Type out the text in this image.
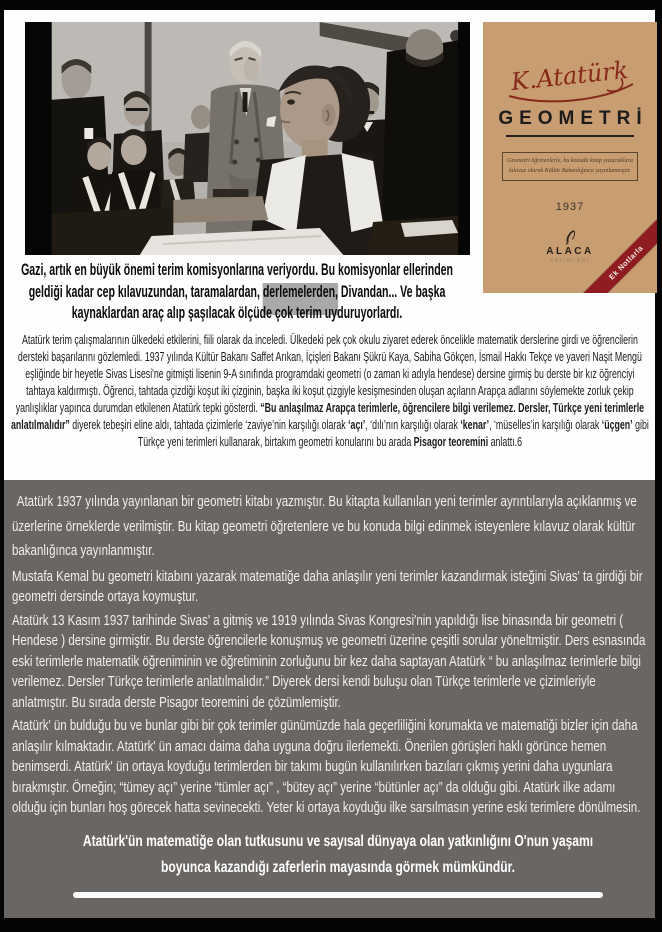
K.Atatürk
GEOMETRİ
Geometri öğretenlerle, bu konuda kitap yazacaklara
kılavuz olarak Kültür Bakanlığınca yayınlanmıştır.
1937
ALACA
YAYINLARI	Ek Notlarla
Gazi, artık en büyük önemi terim komisyonlarına veriyordu. Bu komisyonlar ellerinden geldiği kadar cep kılavuzundan, taramalardan, derlemelerden, Divandan... Ve başka kaynaklardan araç alıp şaşılacak ölçüde çok terim uyduruyorlardı.
Atatürk terim çalışmalarının ülkedeki etkilerini, fiili olarak da inceledi. Ülkedeki pek çok okulu ziyaret ederek öncelikle matematik derslerine girdi ve öğrencilerin dersteki başarılarını gözlemledi. 1937 yılında Kültür Bakanı Saffet Arıkan, İçişleri Bakanı Şükrü Kaya, Sabiha Gökçen, İsmail Hakkı Tekçe ve yaveri Naşit Mengü eşliğinde bir heyetle Sivas Lisesi'ne gitmişti lisenin 9-A sınıfında programdaki geometri (o zaman ki adıyla hendese) dersine girmiş bu derste bir kız öğrenciyi tahtaya kaldırmıştı. Öğrenci, tahtada çizdiği koşut iki çizginin, başka iki koşut çizgiyle kesişmesinden oluşan açıların Arapça adlarını söylemekte zorluk çekip yanlışlıklar yapınca durumdan etkilenen Atatürk tepki gösterdi. “Bu anlaşılmaz Arapça terimlerle, öğrencilere bilgi verilemez. Dersler, Türkçe yeni terimlerle anlatılmalıdır” diyerek tebeşiri eline aldı, tahtada çizimlerle ‘zaviye’nin karşılığı olarak ‘açı’, ‘dılı’nın karşılığı olarak ‘kenar’, ‘müselles’in karşılığı olarak ‘üçgen’ gibi Türkçe yeni terimleri kullanarak, birtakım geometri konularını bu arada Pisagor teoremini anlattı.6

Atatürk 1937 yılında yayınlanan bir geometri kitabı yazmıştır. Bu kitapta kullanılan yeni terimler ayrıntılarıyla açıklanmış ve üzerlerine örneklerde verilmiştir. Bu kitap geometri öğretenlere ve bu konuda bilgi edinmek isteyenlere kılavuz olarak kültür bakanlığınca yayınlanmıştır.

Mustafa Kemal bu geometri kitabını yazarak matematiğe daha anlaşılır yeni terimler kazandırmak isteğini Sivas' ta girdiği bir geometri dersinde ortaya koymuştur.

Atatürk 13 Kasım 1937 tarihinde Sivas' a gitmiş ve 1919 yılında Sivas Kongresi'nin yapıldığı lise binasında bir geometri ( Hendese ) dersine girmiştir. Bu derste öğrencilerle konuşmuş ve geometri üzerine çeşitli sorular yöneltmiştir. Ders esnasında eski terimlerle matematik öğreniminin ve öğretiminin zorluğunu bir kez daha saptayan Atatürk “ bu anlaşılmaz terimlerle bilgi verilemez. Dersler Türkçe terimlerle anlatılmalıdır.” Diyerek dersi kendi buluşu olan Türkçe terimlerle ve çizimleriyle anlatmıştır. Bu sırada derste Pisagor teoremini de çözümlemiştir.

Atatürk' ün bulduğu bu ve bunlar gibi bir çok terimler günümüzde hala geçerliliğini korumakta ve matematiği bizler için daha anlaşılır kılmaktadır. Atatürk' ün amacı daima daha uyguna doğru ilerlemekti. Önerilen görüşleri haklı görünce hemen benimserdi. Atatürk' ün ortaya koyduğu terimlerden bir takımı bugün kullanılırken bazıları çıkmış yerini daha uygunlara bırakmıştır. Örneğin; “tümey açı” yerine “tümler açı” , “bütey açı” yerine “bütünler açı” da olduğu gibi. Atatürk ilke adamı olduğu için bunları hoş görecek hatta sevinecekti. Yeter ki ortaya koyduğu ilke sarsılmasın yerine eski terimlere dönülmesin.

Atatürk'ün matematiğe olan tutkusunu ve sayısal dünyaya olan yatkınlığını O'nun yaşamı boyunca kazandığı zaferlerin mayasında görmek mümkündür.
